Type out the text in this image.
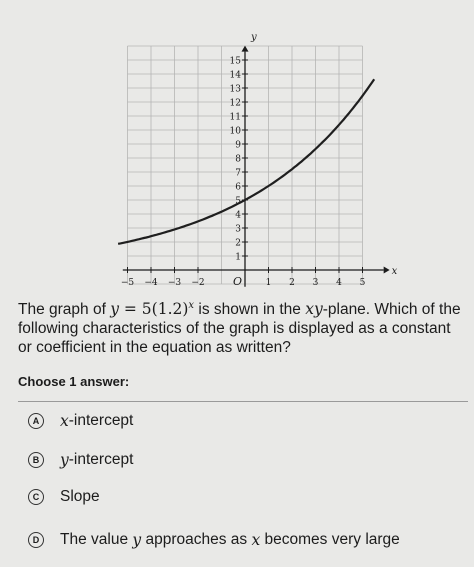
1
2
3
4
5
6
7
8
9
10
11
12
13
14
15
−5 −4 −3 −2	1 2 3 4 5
y
x
O
The graph of $y = 5(1.2)^x$ is shown in the xy-plane. Which of the following characteristics of the graph is displayed as a constant or coefficient in the equation as written?
Choose 1 answer:
A	x -intercept
B	y -intercept
C	Slope
D	The value
y
approaches as
x
becomes very large
